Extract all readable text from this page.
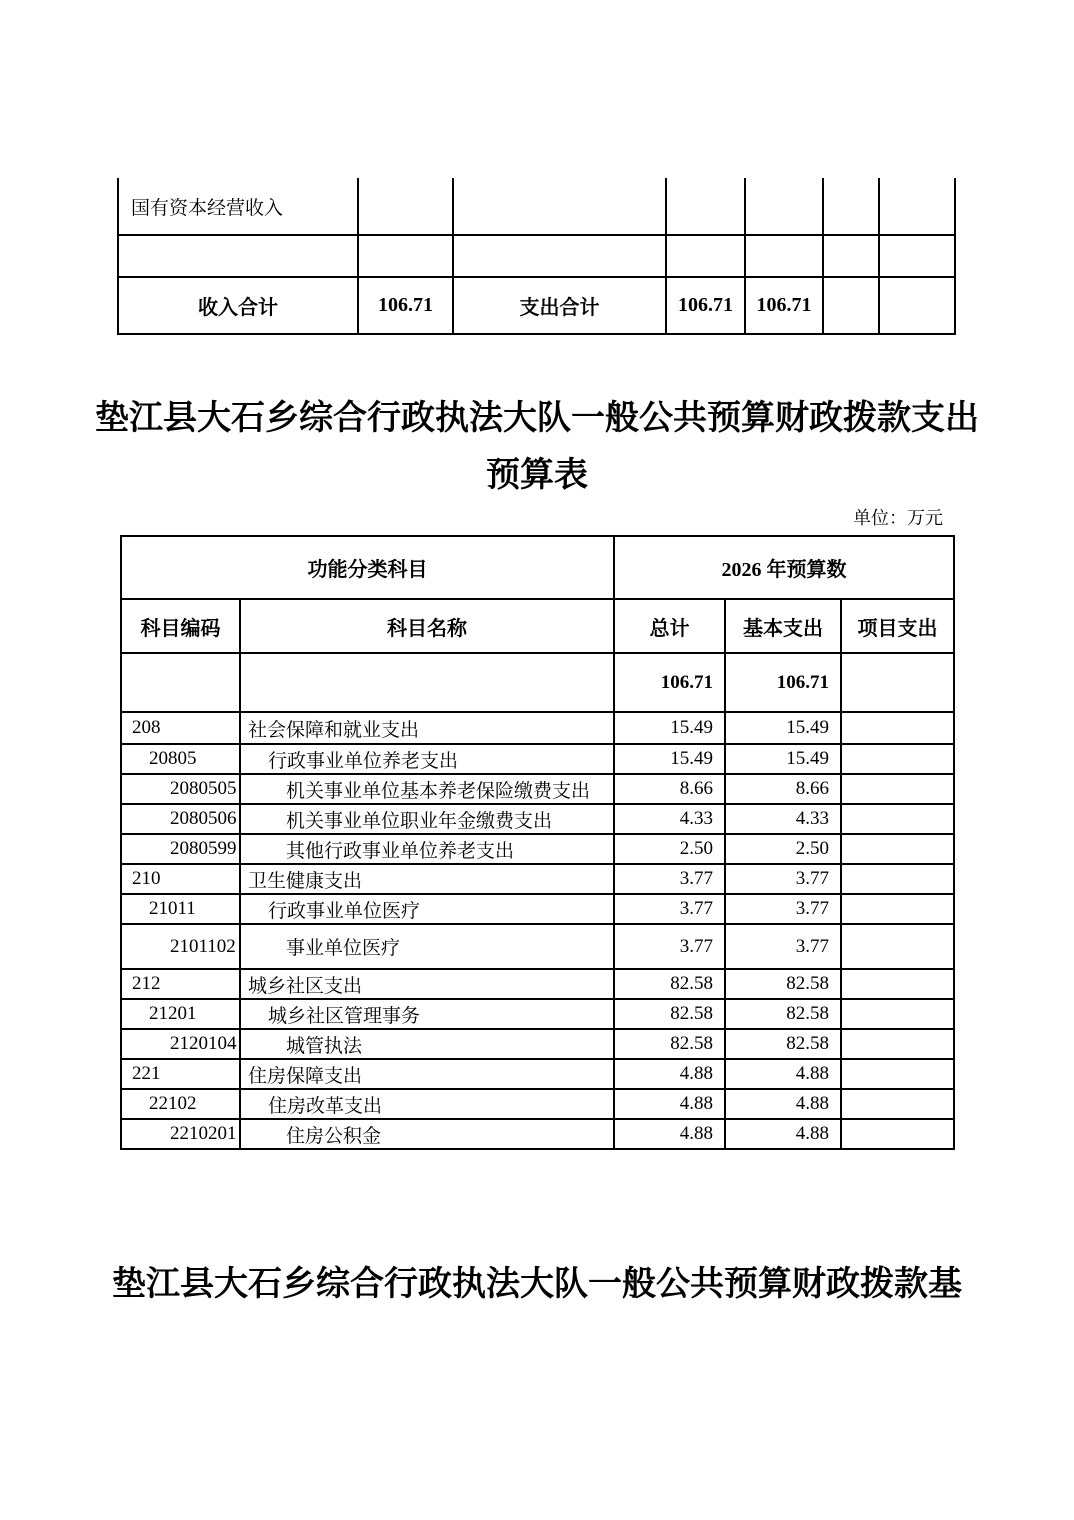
国有资本经营收入						

收入合计	106.71	支出合计	106.71	106.71		
垫江县大石乡综合行政执法大队一般公共预算财政拨款支出
预算表
单位：万元
功能分类科目		2026 年预算数		
科目编码	科目名称	总计	基本支出	项目支出
		106.71	106.71	
208	社会保障和就业支出	15.49	15.49	
20805	行政事业单位养老支出	15.49	15.49	
2080505	机关事业单位基本养老保险缴费支出	8.66	8.66	
2080506	机关事业单位职业年金缴费支出	4.33	4.33	
2080599	其他行政事业单位养老支出	2.50	2.50	
210	卫生健康支出	3.77	3.77	
21011	行政事业单位医疗	3.77	3.77	
2101102	事业单位医疗	3.77	3.77	
212	城乡社区支出	82.58	82.58	
21201	城乡社区管理事务	82.58	82.58	
2120104	城管执法	82.58	82.58	
221	住房保障支出	4.88	4.88	
22102	住房改革支出	4.88	4.88	
2210201	住房公积金	4.88	4.88	
垫江县大石乡综合行政执法大队一般公共预算财政拨款基
